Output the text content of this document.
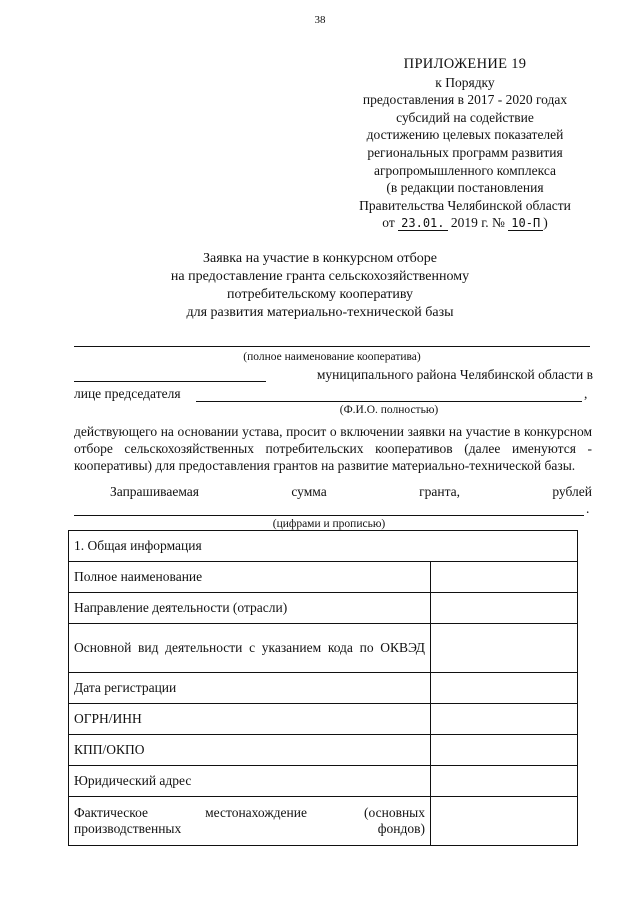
38
ПРИЛОЖЕНИЕ 19
к Порядку
предоставления в 2017 - 2020 годах
субсидий на содействие
достижению целевых показателей
региональных программ развития
агропромышленного комплекса
(в редакции постановления
Правительства Челябинской области
от 23.01. 2019 г. № 10-П )
Заявка на участие в конкурсном отборе
на предоставление гранта сельскохозяйственному
потребительскому кооперативу
для развития материально-технической базы
(полное наименование кооператива)
муниципального района Челябинской области в
лице председателя	,
(Ф.И.О. полностью)
действующего на основании устава, просит о включении заявки на участие в конкурсном отборе сельскохозяйственных потребительских кооперативов (далее именуются - кооперативы) для предоставления грантов на развитие материально-технической базы.
Запрашиваемая	сумма	гранта,	рублей
.
(цифрами и прописью)
1. Общая информация	
Полное наименование	
Направление деятельности (отрасли)	
Основной вид деятельности с указанием кода по ОКВЭД	
Дата регистрации	
ОГРН/ИНН	
КПП/ОКПО	
Юридический адрес	
Фактическое местонахождение (основных производственных фондов)	
